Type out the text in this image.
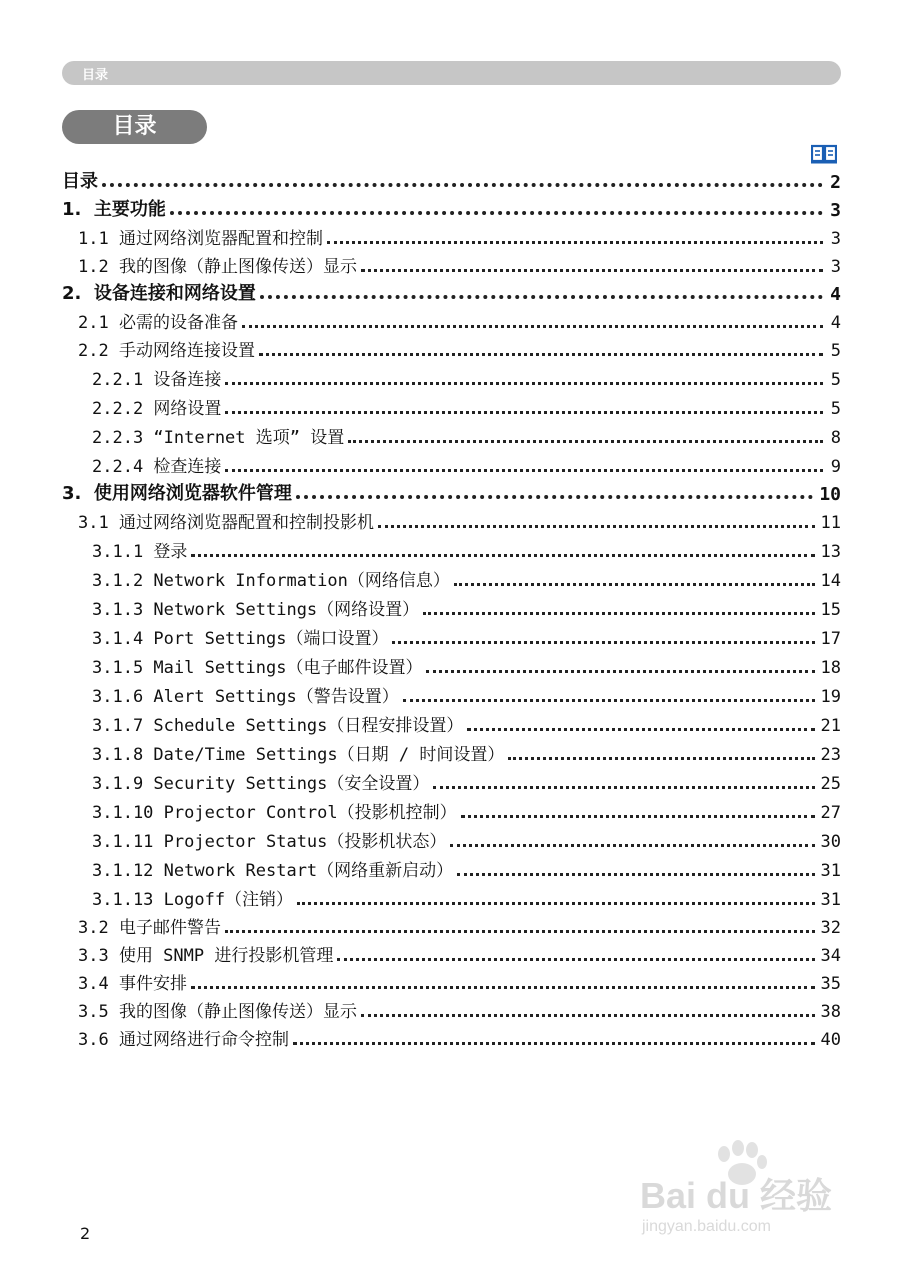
目录
目录
目录	2
1.  主要功能	3
1.1 通过网络浏览器配置和控制	3
1.2 我的图像（静止图像传送）显示	3
2.  设备连接和网络设置	4
2.1 必需的设备准备	4
2.2 手动网络连接设置	5
2.2.1 设备连接	5
2.2.2 网络设置	5
2.2.3 “Internet 选项” 设置	8
2.2.4 检查连接	9
3.  使用网络浏览器软件管理	10
3.1 通过网络浏览器配置和控制投影机	11
3.1.1 登录	13
3.1.2 Network Information（网络信息）	14
3.1.3 Network Settings（网络设置）	15
3.1.4 Port Settings（端口设置）	17
3.1.5 Mail Settings（电子邮件设置）	18
3.1.6 Alert Settings（警告设置）	19
3.1.7 Schedule Settings（日程安排设置）	21
3.1.8 Date/Time Settings（日期 / 时间设置）	23
3.1.9 Security Settings（安全设置）	25
3.1.10 Projector Control（投影机控制）	27
3.1.11 Projector Status（投影机状态）	30
3.1.12 Network Restart（网络重新启动）	31
3.1.13 Logoff（注销）	31
3.2 电子邮件警告	32
3.3 使用 SNMP 进行投影机管理	34
3.4 事件安排	35
3.5 我的图像（静止图像传送）显示	38
3.6 通过网络进行命令控制	40
2
Bai du 经验
jingyan.baidu.com
